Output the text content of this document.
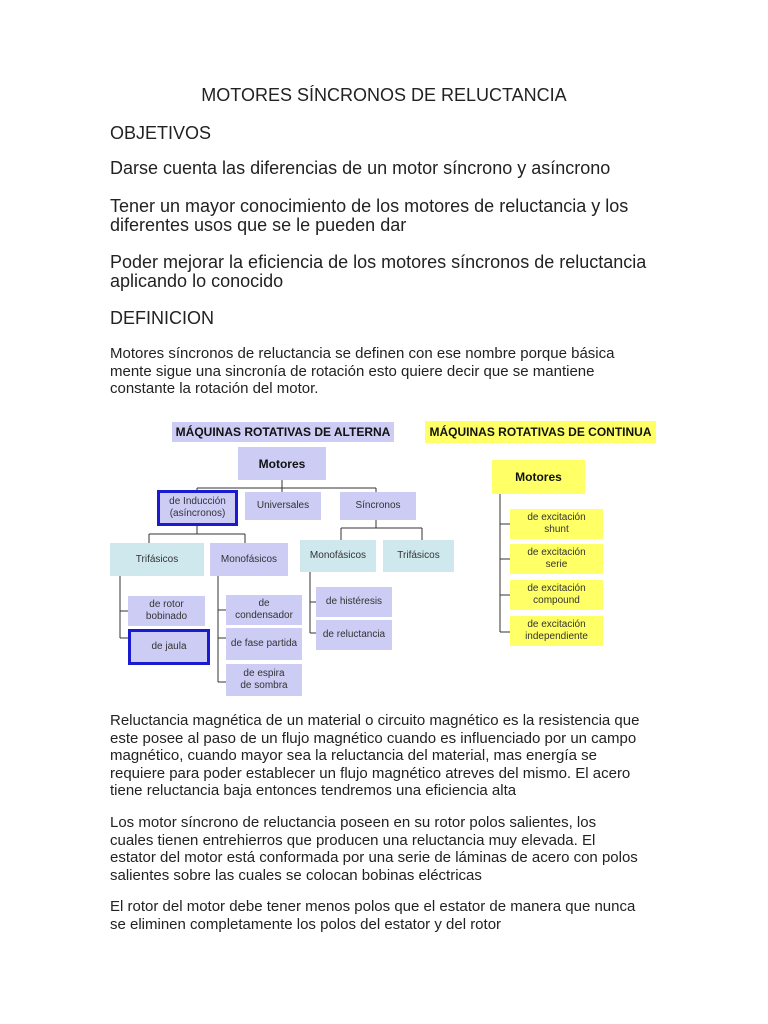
MOTORES SÍNCRONOS DE RELUCTANCIA

OBJETIVOS

Darse cuenta las diferencias de un motor síncrono y asíncrono

Tener un mayor conocimiento de los motores de reluctancia y los

diferentes usos que se le pueden dar

Poder mejorar la eficiencia de los motores síncronos de reluctancia

aplicando lo conocido

DEFINICION

Motores síncronos de reluctancia se definen con ese nombre porque básica

mente sigue una sincronía de rotación esto quiere decir que se mantiene

constante la rotación del motor.

MÁQUINAS ROTATIVAS DE ALTERNA
Motores
de Inducción
(asíncronos)
Universales	Síncronos
Trifásicos	Monofásicos	Monofásicos	Trifásicos
de rotor
bobinado
de jaula
de
condensador
de fase partida
de espira
de sombra
de histéresis
de reluctancia
MÁQUINAS ROTATIVAS DE CONTINUA
Motores
de excitación
shunt
de excitación
serie
de excitación
compound
de excitación
independiente

Reluctancia magnética de un material o circuito magnético es la resistencia que

este posee al paso de un flujo magnético cuando es influenciado por un campo

magnético, cuando mayor sea la reluctancia del material, mas energía se

requiere para poder establecer un flujo magnético atreves del mismo. El acero

tiene reluctancia baja entonces tendremos una eficiencia alta

Los motor síncrono de reluctancia poseen en su rotor polos salientes, los

cuales tienen entrehierros que producen una reluctancia muy elevada. El

estator del motor está conformada por una serie de láminas de acero con polos

salientes sobre las cuales se colocan bobinas eléctricas

El rotor del motor debe tener menos polos que el estator de manera que nunca

se eliminen completamente los polos del estator y del rotor
